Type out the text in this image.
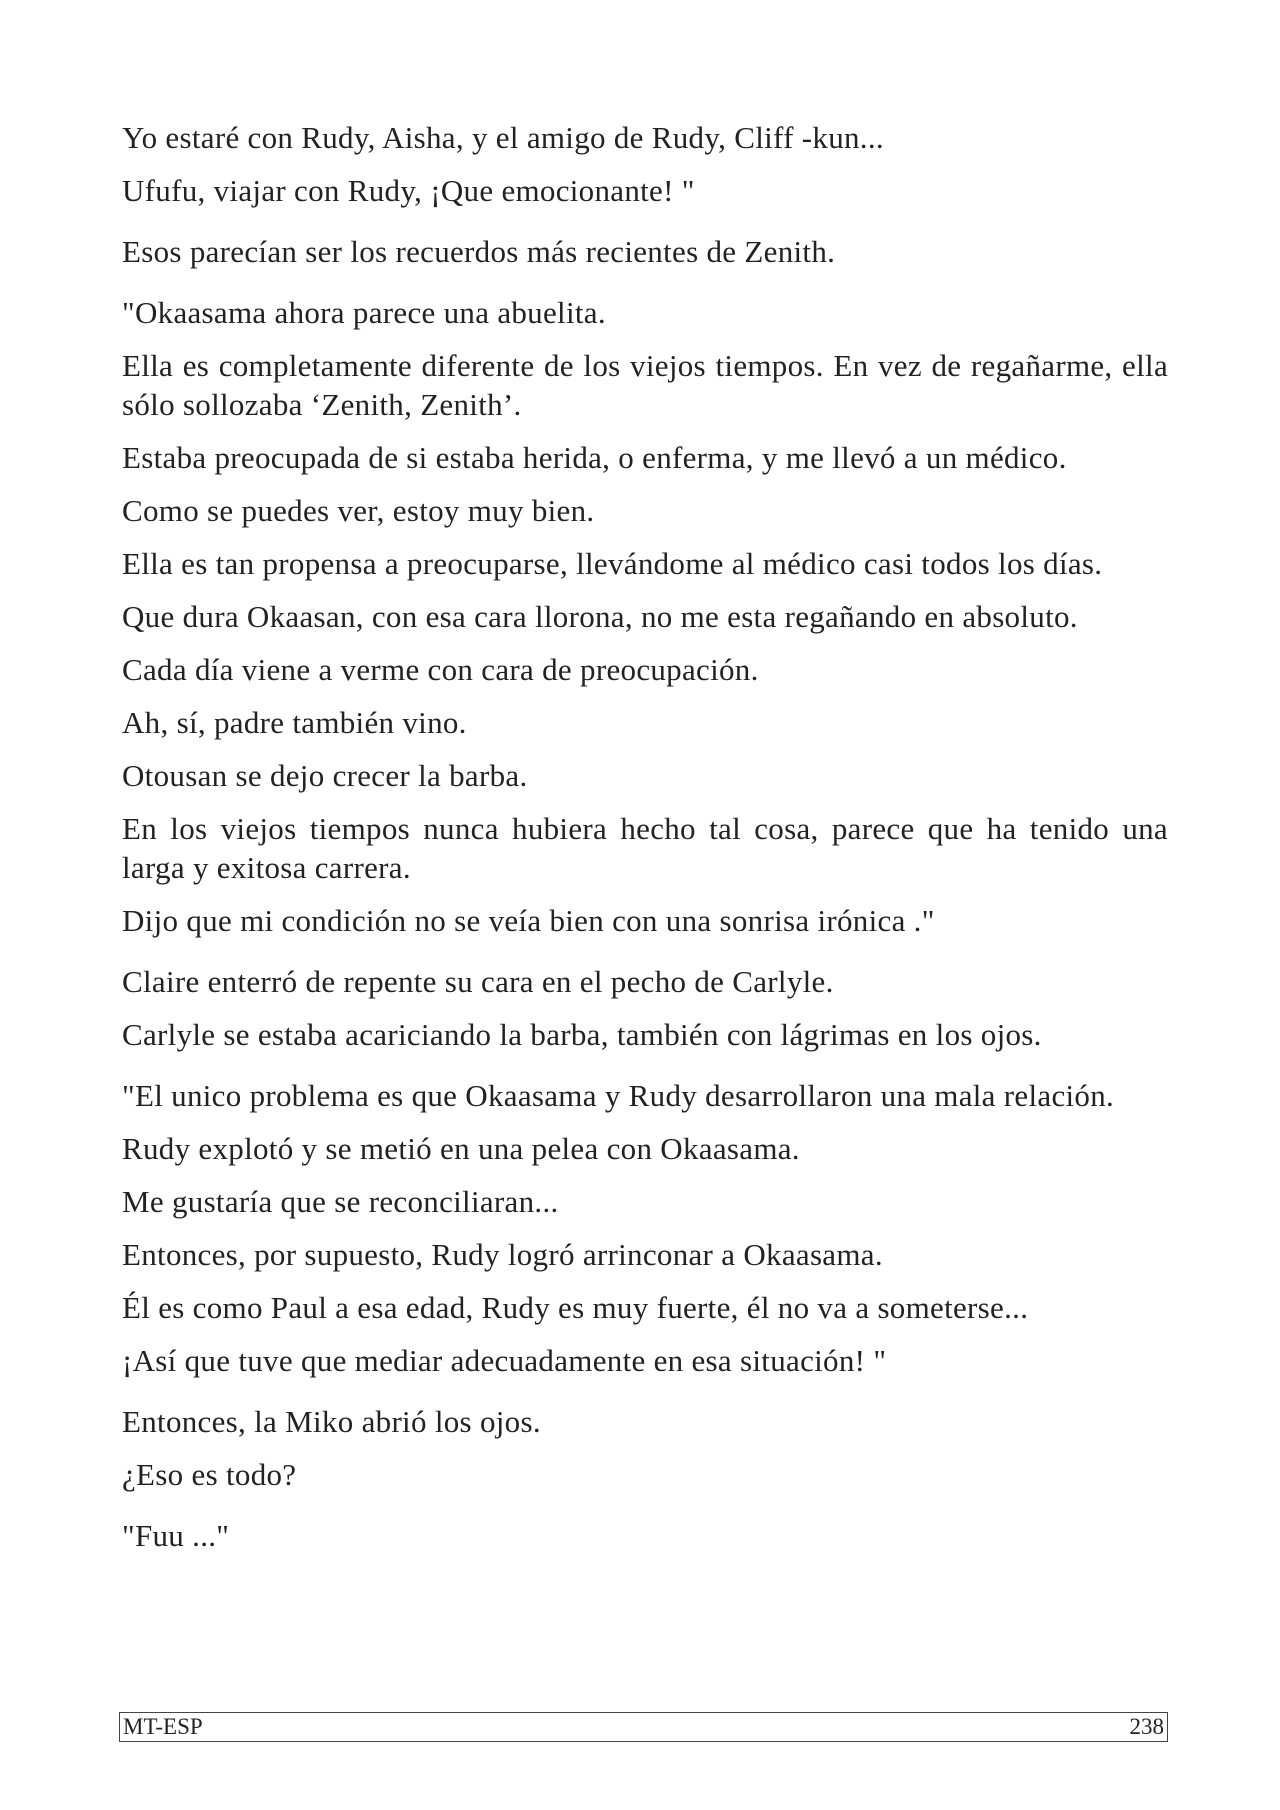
Yo estaré con Rudy, Aisha, y el amigo de Rudy, Cliff -kun...

Ufufu, viajar con Rudy, ¡Que emocionante! "

Esos parecían ser los recuerdos más recientes de Zenith.

"Okaasama ahora parece una abuelita.

Ella es completamente diferente de los viejos tiempos. En vez de regañarme, ella sólo sollozaba ‘Zenith, Zenith’.

Estaba preocupada de si estaba herida, o enferma, y me llevó a un médico.

Como se puedes ver, estoy muy bien.

Ella es tan propensa a preocuparse, llevándome al médico casi todos los días.

Que dura Okaasan, con esa cara llorona, no me esta regañando en absoluto.

Cada día viene a verme con cara de preocupación.

Ah, sí, padre también vino.

Otousan se dejo crecer la barba.

En los viejos tiempos nunca hubiera hecho tal cosa, parece que ha tenido una larga y exitosa carrera.

Dijo que mi condición no se veía bien con una sonrisa irónica ."

Claire enterró de repente su cara en el pecho de Carlyle.

Carlyle se estaba acariciando la barba, también con lágrimas en los ojos.

"El unico problema es que Okaasama y Rudy desarrollaron una mala relación.

Rudy explotó y se metió en una pelea con Okaasama.

Me gustaría que se reconciliaran...

Entonces, por supuesto, Rudy logró arrinconar a Okaasama.

Él es como Paul a esa edad, Rudy es muy fuerte, él no va a someterse...

¡Así que tuve que mediar adecuadamente en esa situación! "

Entonces, la Miko abrió los ojos.

¿Eso es todo?

"Fuu ..."

MT-ESP	238
